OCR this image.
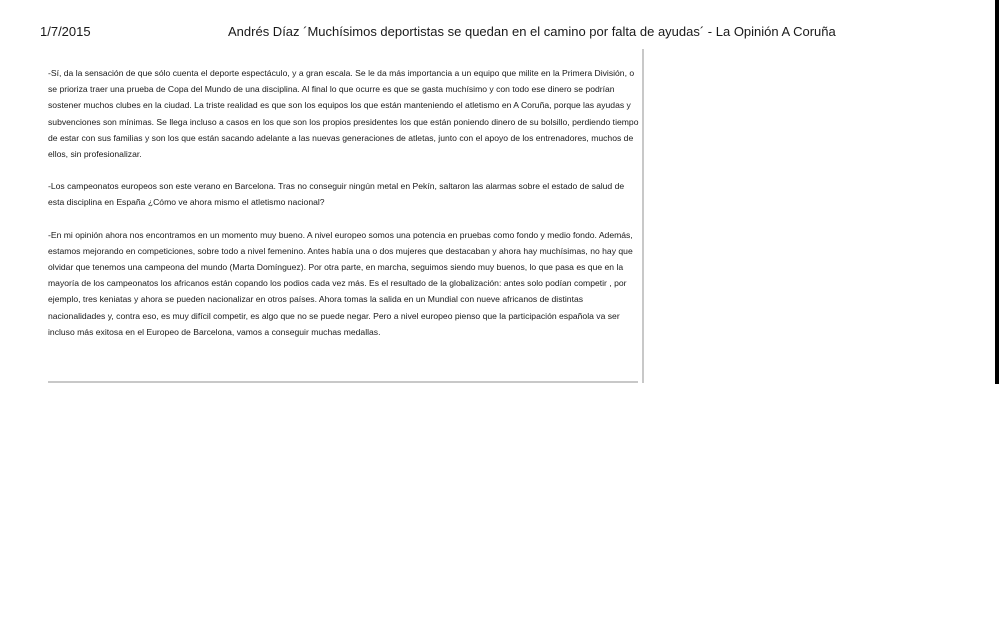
1/7/2015	Andrés Díaz ´Muchísimos deportistas se quedan en el camino por falta de ayudas´ - La Opinión A Coruña

-Sí, da la sensación de que sólo cuenta el deporte espectáculo, y a gran escala. Se le da más importancia a un equipo que milite en la Primera División, o se prioriza traer una prueba de Copa del Mundo de una disciplina. Al final lo que ocurre es que se gasta muchísimo y con todo ese dinero se podrían sostener muchos clubes en la ciudad. La triste realidad es que son los equipos los que están manteniendo el atletismo en A Coruña, porque las ayudas y subvenciones son mínimas. Se llega incluso a casos en los que son los propios presidentes los que están poniendo dinero de su bolsillo, perdiendo tiempo de estar con sus familias y son los que están sacando adelante a las nuevas generaciones de atletas, junto con el apoyo de los entrenadores, muchos de ellos, sin profesionalizar.

-Los campeonatos europeos son este verano en Barcelona. Tras no conseguir ningún metal en Pekín, saltaron las alarmas sobre el estado de salud de esta disciplina en España ¿Cómo ve ahora mismo el atletismo nacional?

-En mi opinión ahora nos encontramos en un momento muy bueno. A nivel europeo somos una potencia en pruebas como fondo y medio fondo. Además, estamos mejorando en competiciones, sobre todo a nivel femenino. Antes había una o dos mujeres que destacaban y ahora hay muchísimas, no hay que olvidar que tenemos una campeona del mundo (Marta Domínguez). Por otra parte, en marcha, seguimos siendo muy buenos, lo que pasa es que en la mayoría de los campeonatos los africanos están copando los podios cada vez más. Es el resultado de la globalización: antes solo podían competir , por ejemplo, tres keniatas y ahora se pueden nacionalizar en otros países. Ahora tomas la salida en un Mundial con nueve africanos de distintas nacionalidades y, contra eso, es muy difícil competir, es algo que no se puede negar. Pero a nivel europeo pienso que la participación española va ser incluso más exitosa en el Europeo de Barcelona, vamos a conseguir muchas medallas.
